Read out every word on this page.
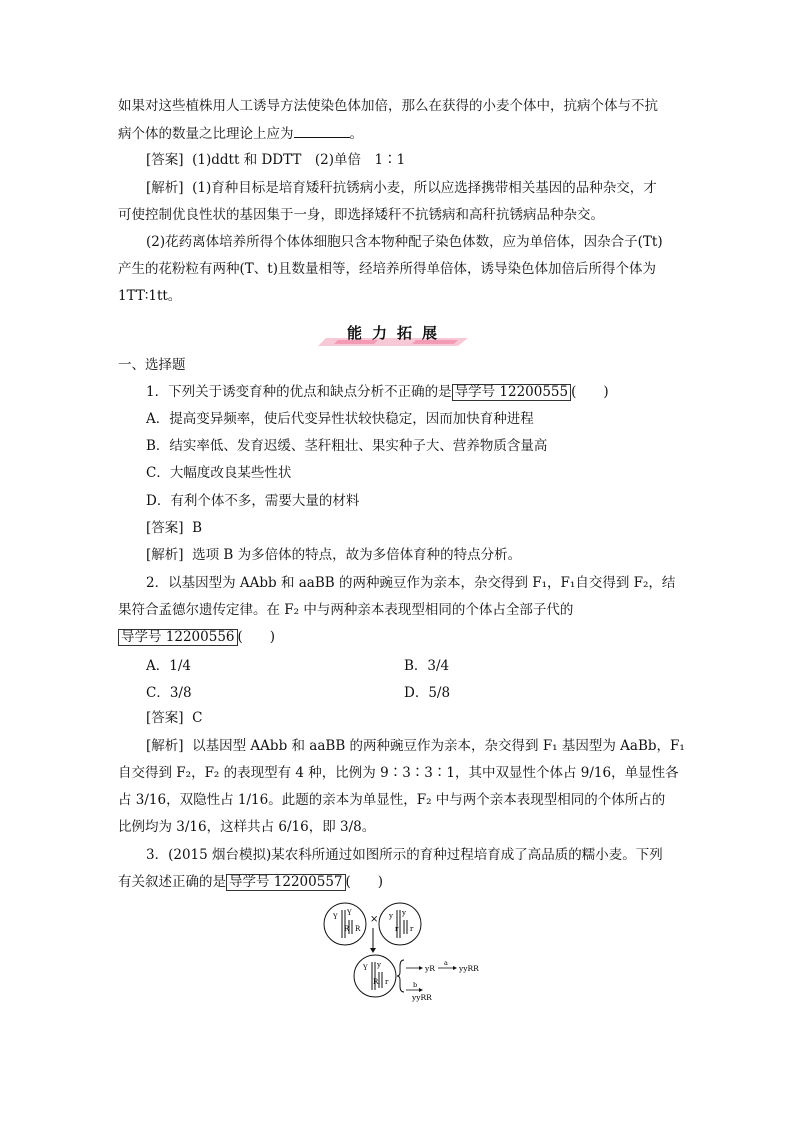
如果对这些植株用人工诱导方法使染色体加倍，那么在获得的小麦个体中，抗病个体与不抗
病个体的数量之比理论上应为	。
[答案] (1)ddtt 和 DDTT　(2)单倍　1∶1
[解析] (1)育种目标是培育矮秆抗锈病小麦，所以应选择携带相关基因的品种杂交，才
可使控制优良性状的基因集于一身，即选择矮秆不抗锈病和高秆抗锈病品种杂交。
(2)花药离体培养所得个体体细胞只含本物种配子染色体数，应为单倍体，因杂合子(Tt)
产生的花粉粒有两种(T、t)且数量相等，经培养所得单倍体，诱导染色体加倍后所得个体为
1TT∶1tt。
能力拓展
一、选择题
1．下列关于诱变育种的优点和缺点分析不正确的是 导学号 12200555 (　　)
A．提高变异频率，使后代变异性状较快稳定，因而加快育种进程
B．结实率低、发育迟缓、茎秆粗壮、果实种子大、营养物质含量高
C．大幅度改良某些性状
D．有利个体不多，需要大量的材料
[答案] B
[解析] 选项 B 为多倍体的特点，故为多倍体育种的特点分析。
2．以基因型为 AAbb 和 aaBB 的两种豌豆作为亲本，杂交得到 F₁，F₁自交得到 F₂，结
果符合孟德尔遗传定律。在 F₂ 中与两种亲本表现型相同的个体占全部子代的
导学号 12200556 (　　)
A．1/4	B．3/4
C．3/8	D．5/8
[答案] C
[解析] 以基因型 AAbb 和 aaBB 的两种豌豆作为亲本，杂交得到 F₁ 基因型为 AaBb，F₁
自交得到 F₂，F₂ 的表现型有 4 种，比例为 9∶3∶3∶1，其中双显性个体占 9/16，单显性各
占 3/16，双隐性占 1/16。此题的亲本为单显性，F₂ 中与两个亲本表现型相同的个体所占的
比例均为 3/16，这样共占 6/16，即 3/8。
3．(2015 烟台模拟)某农科所通过如图所示的育种过程培育成了高品质的糯小麦。下列
有关叙述正确的是 导学号 12200557 (　　)
Y Y
R R
× y y
r r
Y y
R r
yR
a
yyRR
b
yyRR
